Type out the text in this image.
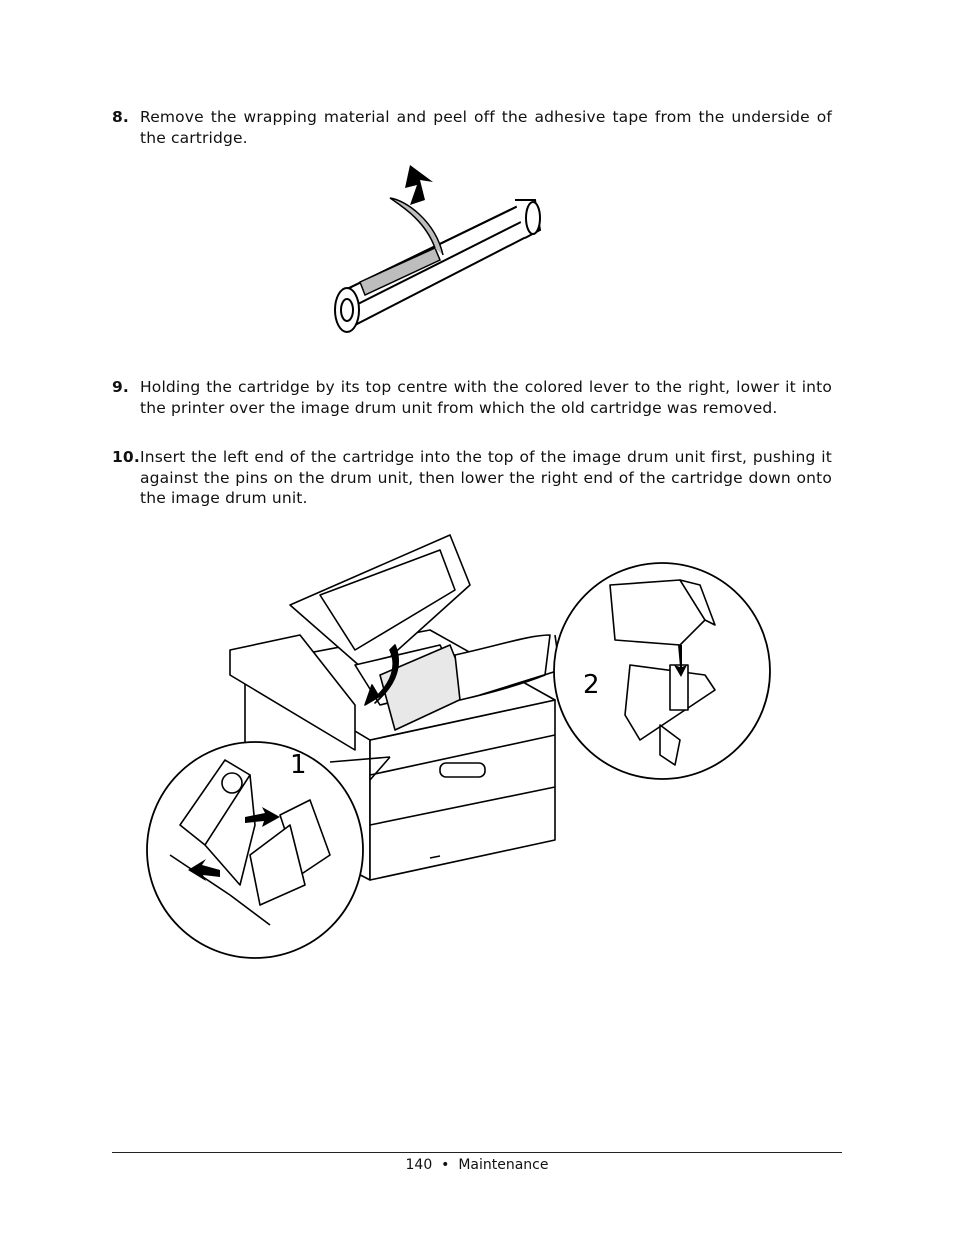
8. Remove the wrapping material and peel off the adhesive tape from the underside of the cartridge.
9. Holding the cartridge by its top centre with the colored lever to the right, lower it into the printer over the image drum unit from which the old cartridge was removed.
10. Insert the left end of the cartridge into the top of the image drum unit first, pushing it against the pins on the drum unit, then lower the right end of the cartridge down onto the image drum unit.
1
2
140 • Maintenance
